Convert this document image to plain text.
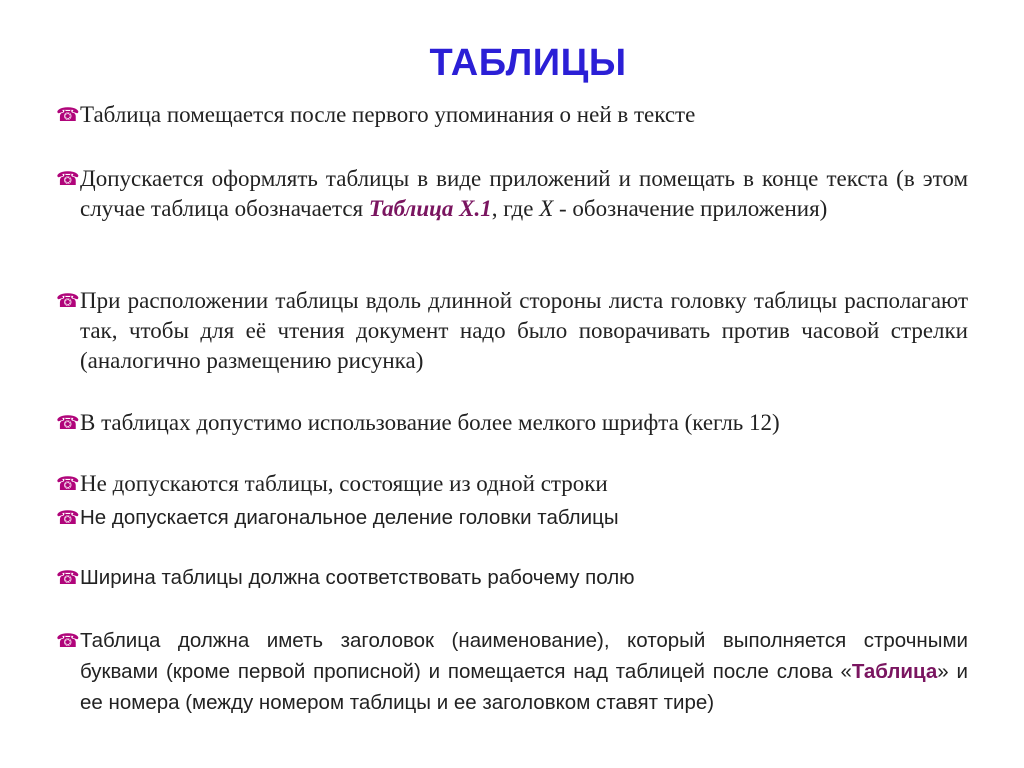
ТАБЛИЦЫ
☎ Таблица помещается после первого упоминания о ней в тексте
☎ Допускается оформлять таблицы в виде приложений и помещать в конце текста (в этом случае таблица обозначается Таблица Х.1, где Х - обозначение приложения)
☎ При расположении таблицы вдоль длинной стороны листа головку таблицы располагают так, чтобы для её чтения документ надо было поворачивать против часовой стрелки (аналогично размещению рисунка)
☎ В таблицах допустимо использование более мелкого шрифта (кегль 12)
☎ Не допускаются таблицы, состоящие из одной строки
☎ Не допускается диагональное деление головки таблицы
☎ Ширина таблицы должна соответствовать рабочему полю
☎ Таблица должна иметь заголовок (наименование), который выполняется строчными буквами (кроме первой прописной) и помещается над таблицей после слова «Таблица» и ее номера (между номером таблицы и ее заголовком ставят тире)
